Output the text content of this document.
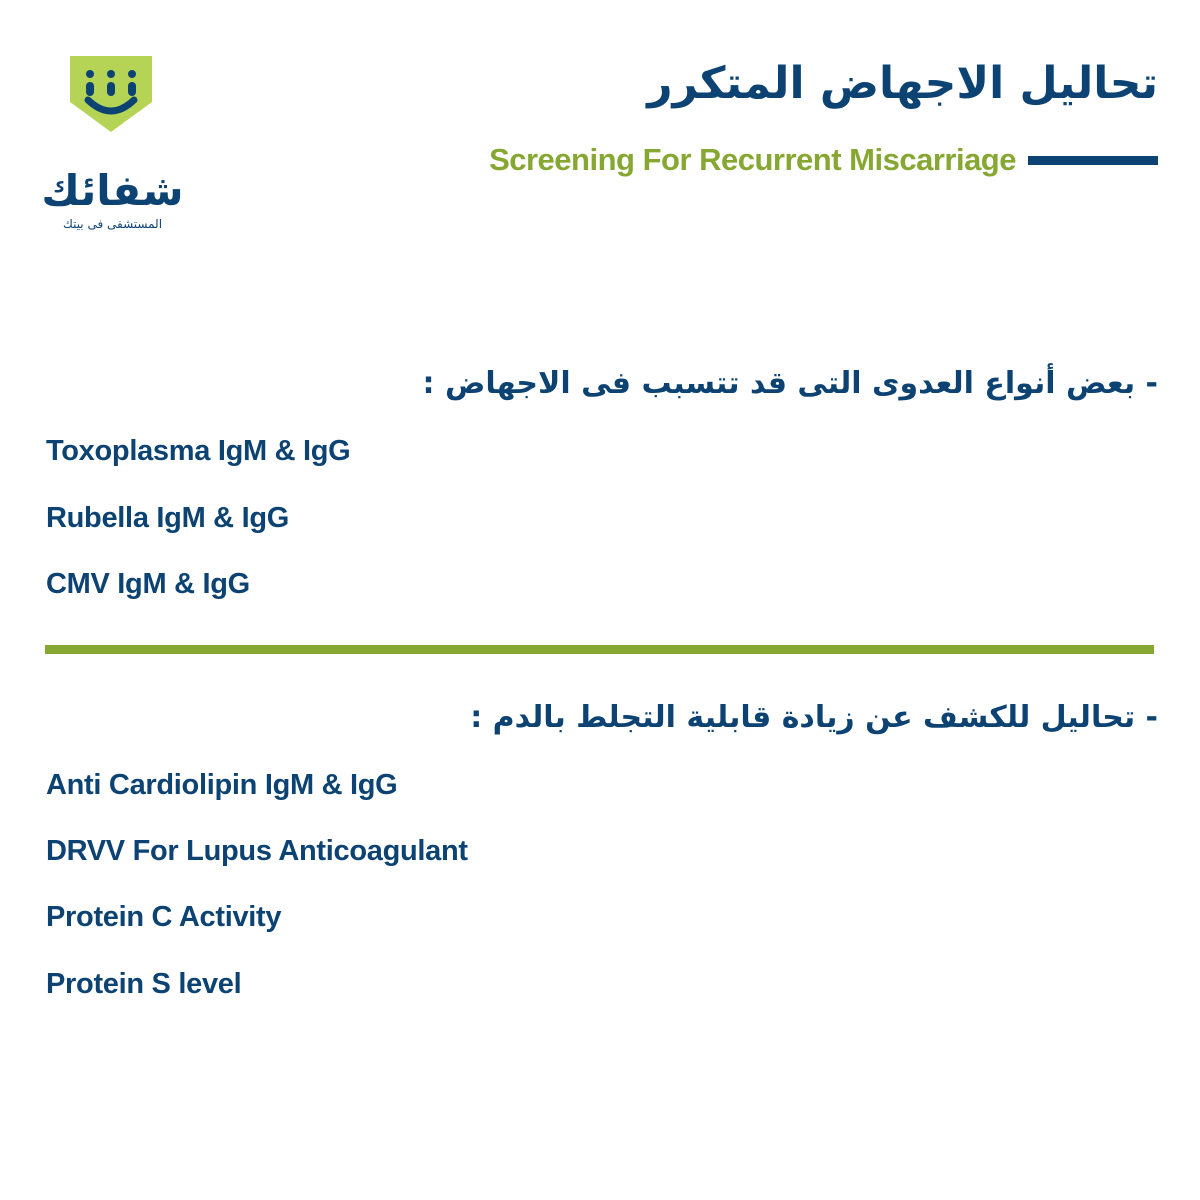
شفائك
المستشفى فى بيتك
تحاليل الاجهاض المتكرر
Screening For Recurrent Miscarriage
- بعض أنواع العدوى التى قد تتسبب فى الاجهاض :
Toxoplasma IgM & IgG
Rubella IgM & IgG
CMV IgM & IgG
- تحاليل للكشف عن زيادة قابلية التجلط بالدم :
Anti Cardiolipin IgM & IgG
DRVV For Lupus Anticoagulant
Protein C Activity
Protein S level
